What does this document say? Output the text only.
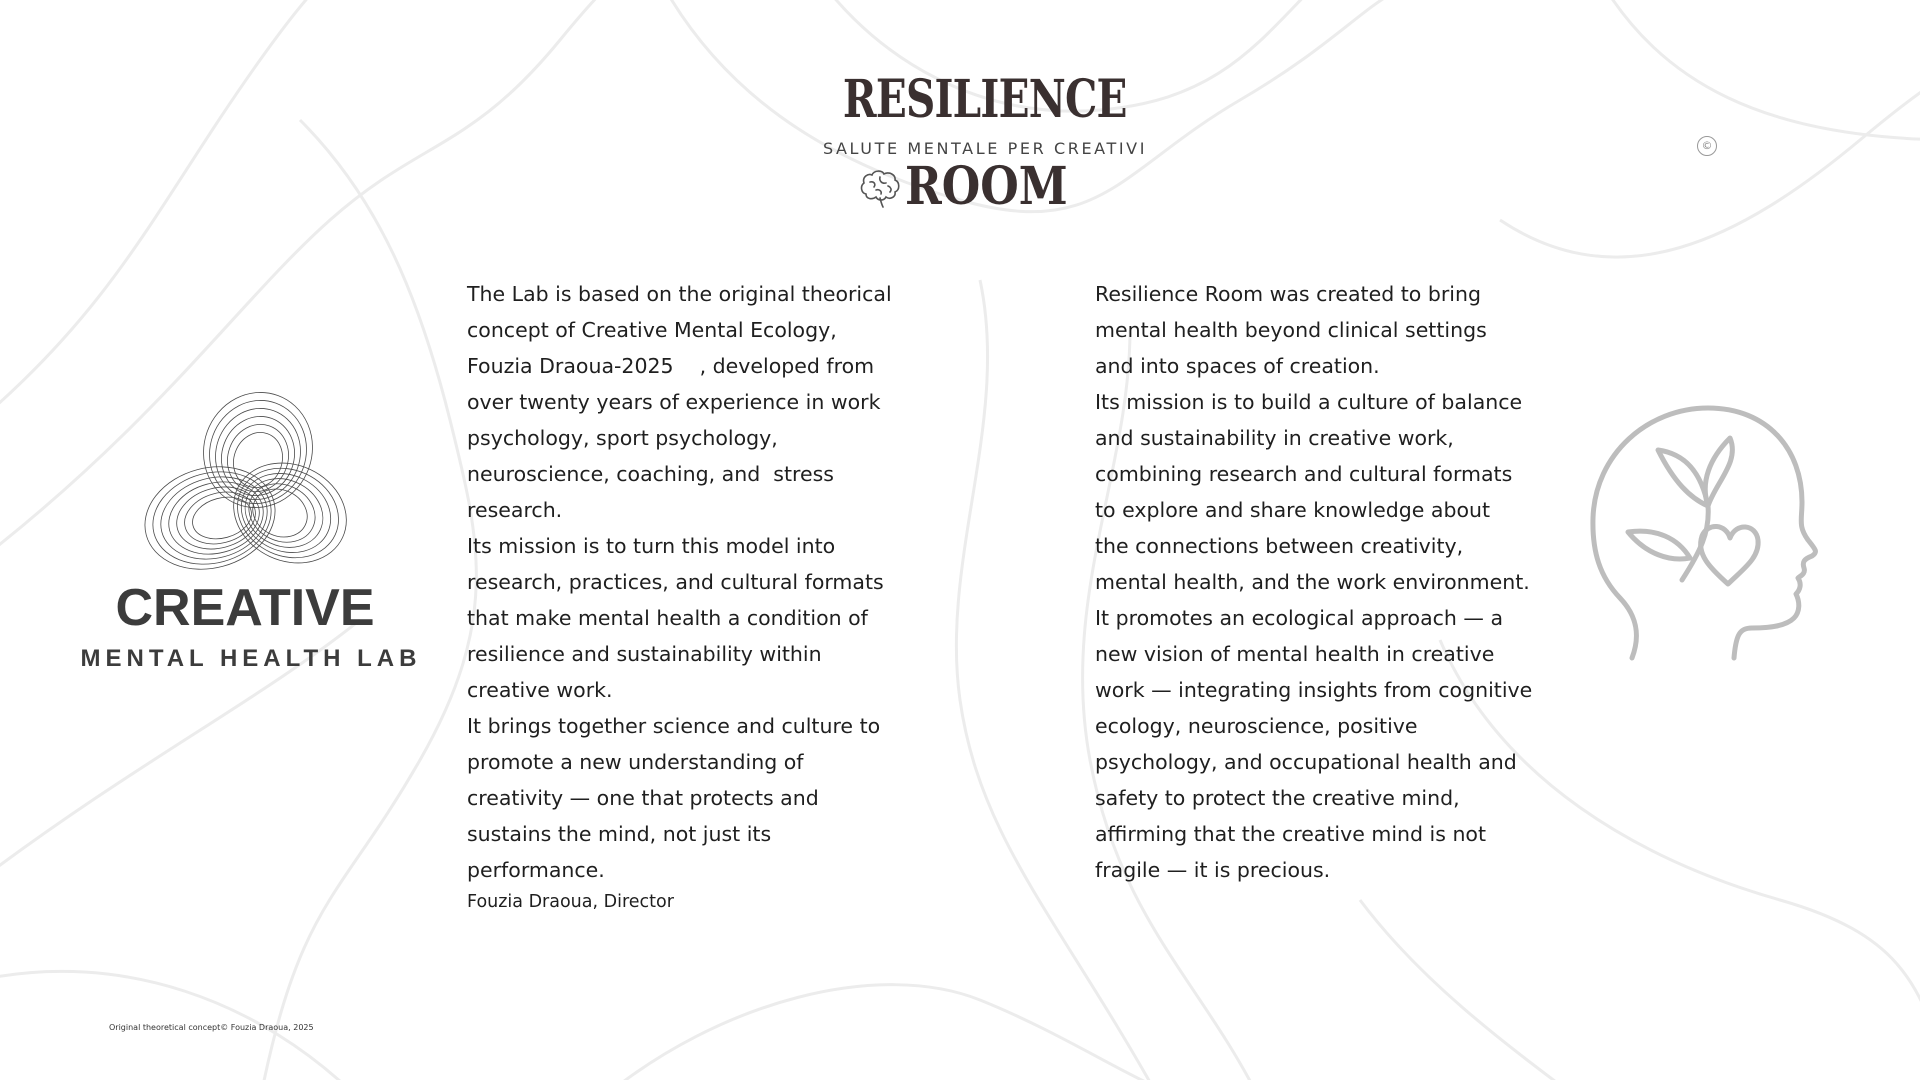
RESILIENCE
SALUTE MENTALE PER CREATIVI
ROOM
©
CREATIVE
MENTAL HEALTH LAB
The Lab is based on the original theorical
concept of Creative Mental Ecology,
Fouzia Draoua-2025    , developed from
over twenty years of experience in work
psychology, sport psychology,
neuroscience, coaching, and  stress
research.
Its mission is to turn this model into
research, practices, and cultural formats
that make mental health a condition of
resilience and sustainability within
creative work.
It brings together science and culture to
promote a new understanding of
creativity — one that protects and
sustains the mind, not just its
performance.
Fouzia Draoua, Director
Resilience Room was created to bring
mental health beyond clinical settings
and into spaces of creation.
Its mission is to build a culture of balance
and sustainability in creative work,
combining research and cultural formats
to explore and share knowledge about
the connections between creativity,
mental health, and the work environment.
It promotes an ecological approach — a
new vision of mental health in creative
work — integrating insights from cognitive
ecology, neuroscience, positive
psychology, and occupational health and
safety to protect the creative mind,
affirming that the creative mind is not
fragile — it is precious.
Original theoretical concept© Fouzia Draoua, 2025
